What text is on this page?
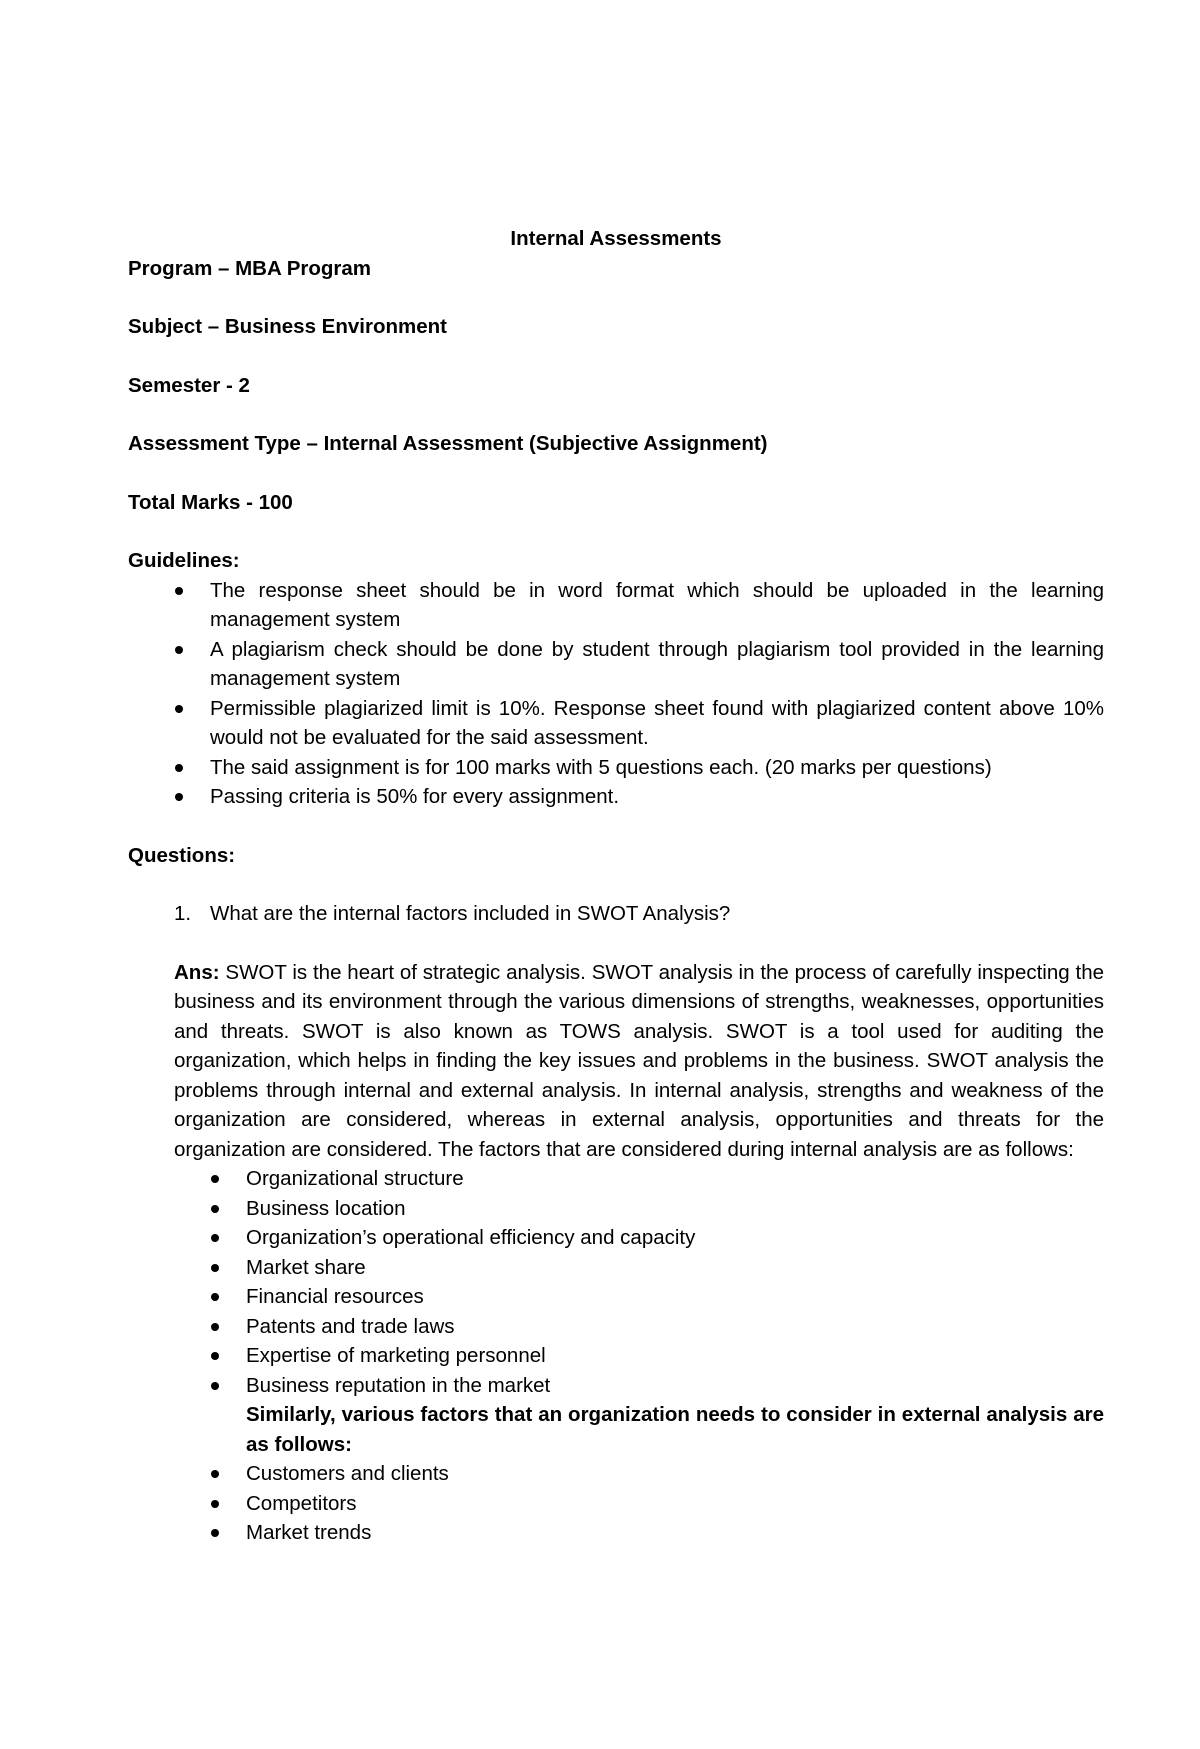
Internal Assessments

Program – MBA Program

Subject – Business Environment

Semester - 2

Assessment Type – Internal Assessment (Subjective Assignment)

Total Marks - 100

Guidelines:

The response sheet should be in word format which should be uploaded in the learning management system
A plagiarism check should be done by student through plagiarism tool provided in the learning management system
Permissible plagiarized limit is 10%. Response sheet found with plagiarized content above 10% would not be evaluated for the said assessment.
The said assignment is for 100 marks with 5 questions each. (20 marks per questions)
Passing criteria is 50% for every assignment.

Questions:

1. What are the internal factors included in SWOT Analysis?

Ans: SWOT is the heart of strategic analysis. SWOT analysis in the process of carefully inspecting the business and its environment through the various dimensions of strengths, weaknesses, opportunities and threats. SWOT is also known as TOWS analysis. SWOT is a tool used for auditing the organization, which helps in finding the key issues and problems in the business. SWOT analysis the problems through internal and external analysis. In internal analysis, strengths and weakness of the organization are considered, whereas in external analysis, opportunities and threats for the organization are considered. The factors that are considered during internal analysis are as follows:

Organizational structure
Business location
Organization’s operational efficiency and capacity
Market share
Financial resources
Patents and trade laws
Expertise of marketing personnel
Business reputation in the market

Similarly, various factors that an organization needs to consider in external analysis are as follows:

Customers and clients
Competitors
Market trends
